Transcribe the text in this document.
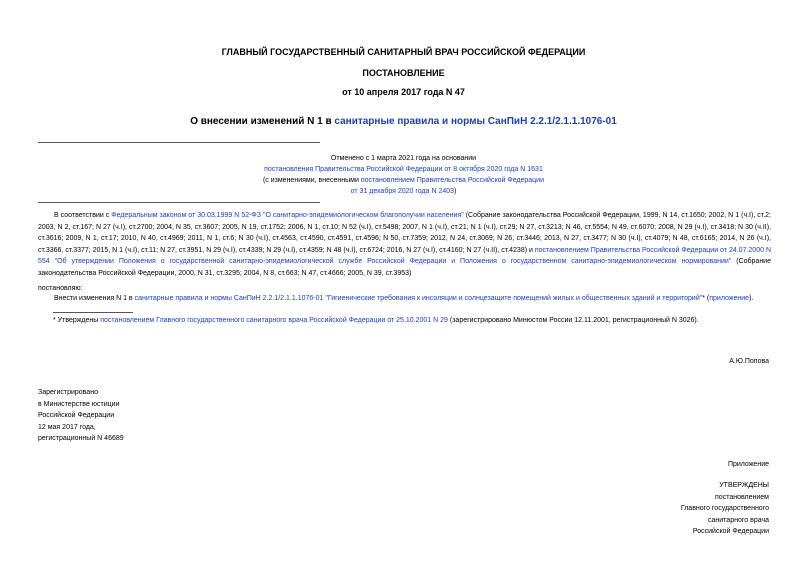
ГЛАВНЫЙ ГОСУДАРСТВЕННЫЙ САНИТАРНЫЙ ВРАЧ РОССИЙСКОЙ ФЕДЕРАЦИИ
ПОСТАНОВЛЕНИЕ
от 10 апреля 2017 года N 47
О внесении изменений N 1 в санитарные правила и нормы СанПиН 2.2.1/2.1.1.1076-01
Отменено с 1 марта 2021 года на основании
постановления Правительства Российской Федерации от 8 октября 2020 года N 1631
(с изменениями, внесенными постановлением Правительства Российской Федерации
от 31 декабря 2020 года N 2403)
В соответствии с Федеральным законом от 30.03.1999 N 52-ФЗ "О санитарно-эпидемиологическом благополучии населения" (Собрание законодательства Российской Федерации, 1999, N 14, ст.1650; 2002, N 1 (ч.I), ст.2; 2003, N 2, ст.167; N 27 (ч.I), ст.2700; 2004, N 35, ст.3607; 2005, N 19, ст.1752; 2006, N 1, ст.10; N 52 (ч.I), ст.5498; 2007, N 1 (ч.I), ст.21; N 1 (ч.I), ст.29; N 27, ст.3213; N 46, ст.5554; N 49, ст.6070; 2008, N 29 (ч.I), ст.3418; N 30 (ч.II), ст.3616; 2009, N 1, ст.17; 2010, N 40, ст.4969; 2011, N 1, ст.6; N 30 (ч.I), ст.4563, ст.4590, ст.4591, ст.4596; N 50, ст.7359; 2012, N 24, ст.3069; N 26, ст.3446; 2013, N 27, ст.3477; N 30 (ч.I), ст.4079; N 48, ст.6165; 2014, N 26 (ч.I), ст.3366, ст.3377; 2015, N 1 (ч.I), ст.11; N 27, ст.3951, N 29 (ч.I), ст.4339; N 29 (ч.I), ст.4359; N 48 (ч.I), ст.6724; 2016, N 27 (ч.I), ст.4160; N 27 (ч.II), ст.4238) и постановлением Правительства Российской Федерации от 24.07.2000 N 554 "Об утверждении Положения о государственной санитарно-эпидемиологической службе Российской Федерации и Положения о государственном санитарно-эпидемиологическом нормировании" (Собрание законодательства Российской Федерации, 2000, N 31, ст.3295; 2004, N 8, ст.663; N 47, ст.4666; 2005, N 39, ст.3953)
постановляю:
Внести изменения N 1 в санитарные правила и нормы СанПиН 2.2.1/2.1.1.1076-01 "Гигиенические требования к инсоляции и солнцезащите помещений жилых и общественных зданий и территорий"* (приложение).
* Утверждены постановлением Главного государственного санитарного врача Российской Федерации от 25.10.2001 N 29 (зарегистрировано Минюстом России 12.11.2001, регистрационный N 3026).
А.Ю.Попова
Зарегистрировано
в Министерстве юстиции
Российской Федерации
12 мая 2017 года,
регистрационный N 46689
Приложение
УТВЕРЖДЕНЫ
постановлением
Главного государственного
санитарного врача
Российской Федерации
